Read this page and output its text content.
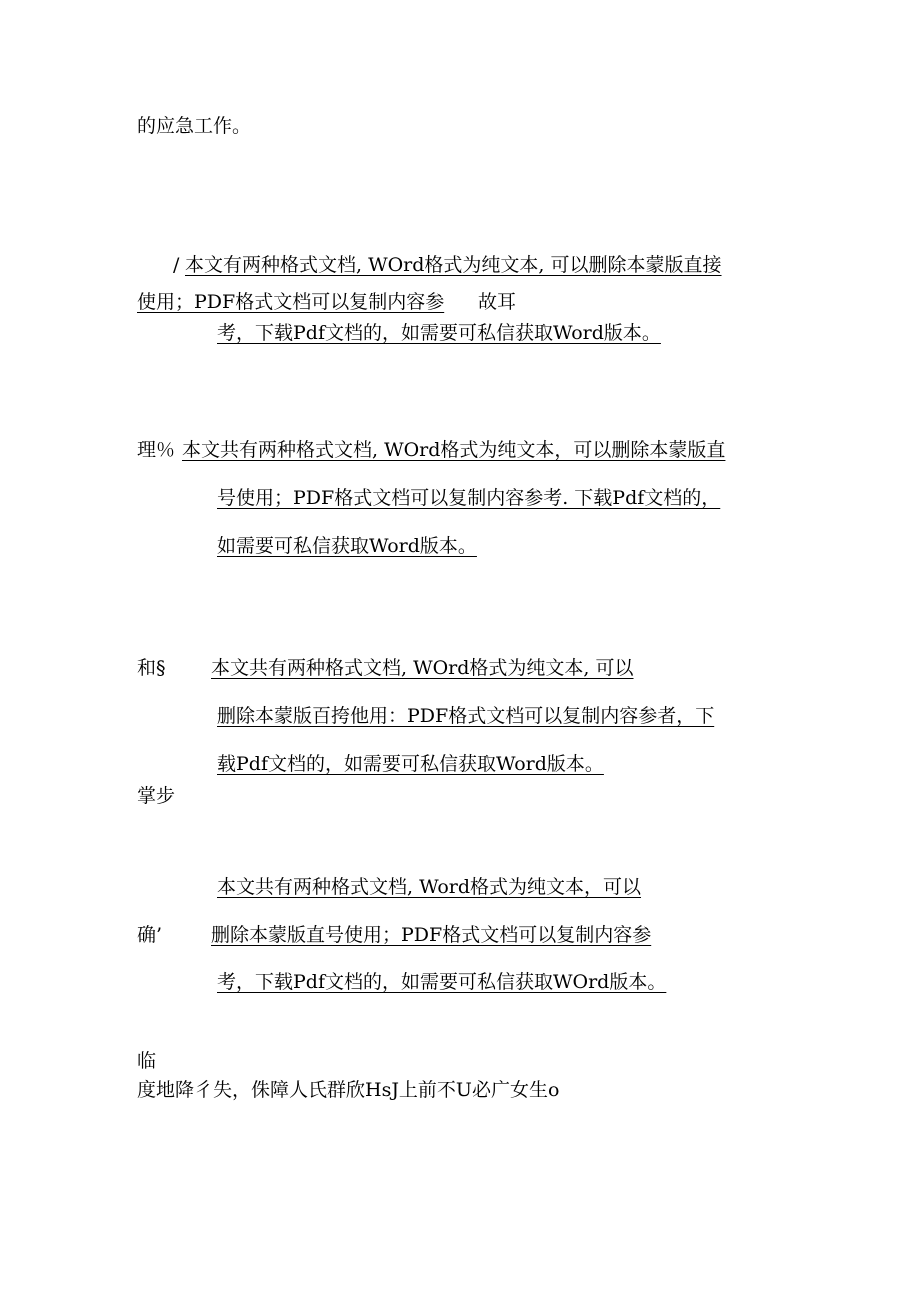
的应急工作。
/ 本文有两种格式文档, WOrd格式为纯文本, 可以删除本蒙版直接
使用；PDF格式文档可以复制内容参 故耳
考，下载Pdf文档的，如需要可私信获取Word版本。
理％ 本文共有两种格式文档, WOrd格式为纯文本，可以删除本蒙版直
号使用；PDF格式文档可以复制内容参考. 下载Pdf文档的，
如需要可私信获取Word版本。
和§ 本文共有两种格式文档, WOrd格式为纯文本, 可以
删除本蒙版百挎他用：PDF格式文档可以复制内容参者，下
载Pdf文档的，如需要可私信获取Word版本。
掌步
本文共有两种格式文档, Word格式为纯文本，可以
确’	删除本蒙版直号使用；PDF格式文档可以复制内容参
考，下载Pdf文档的，如需要可私信获取WOrd版本。
临
度地降彳失，侏障人氏群欣HsJ上前不U必广女生o
